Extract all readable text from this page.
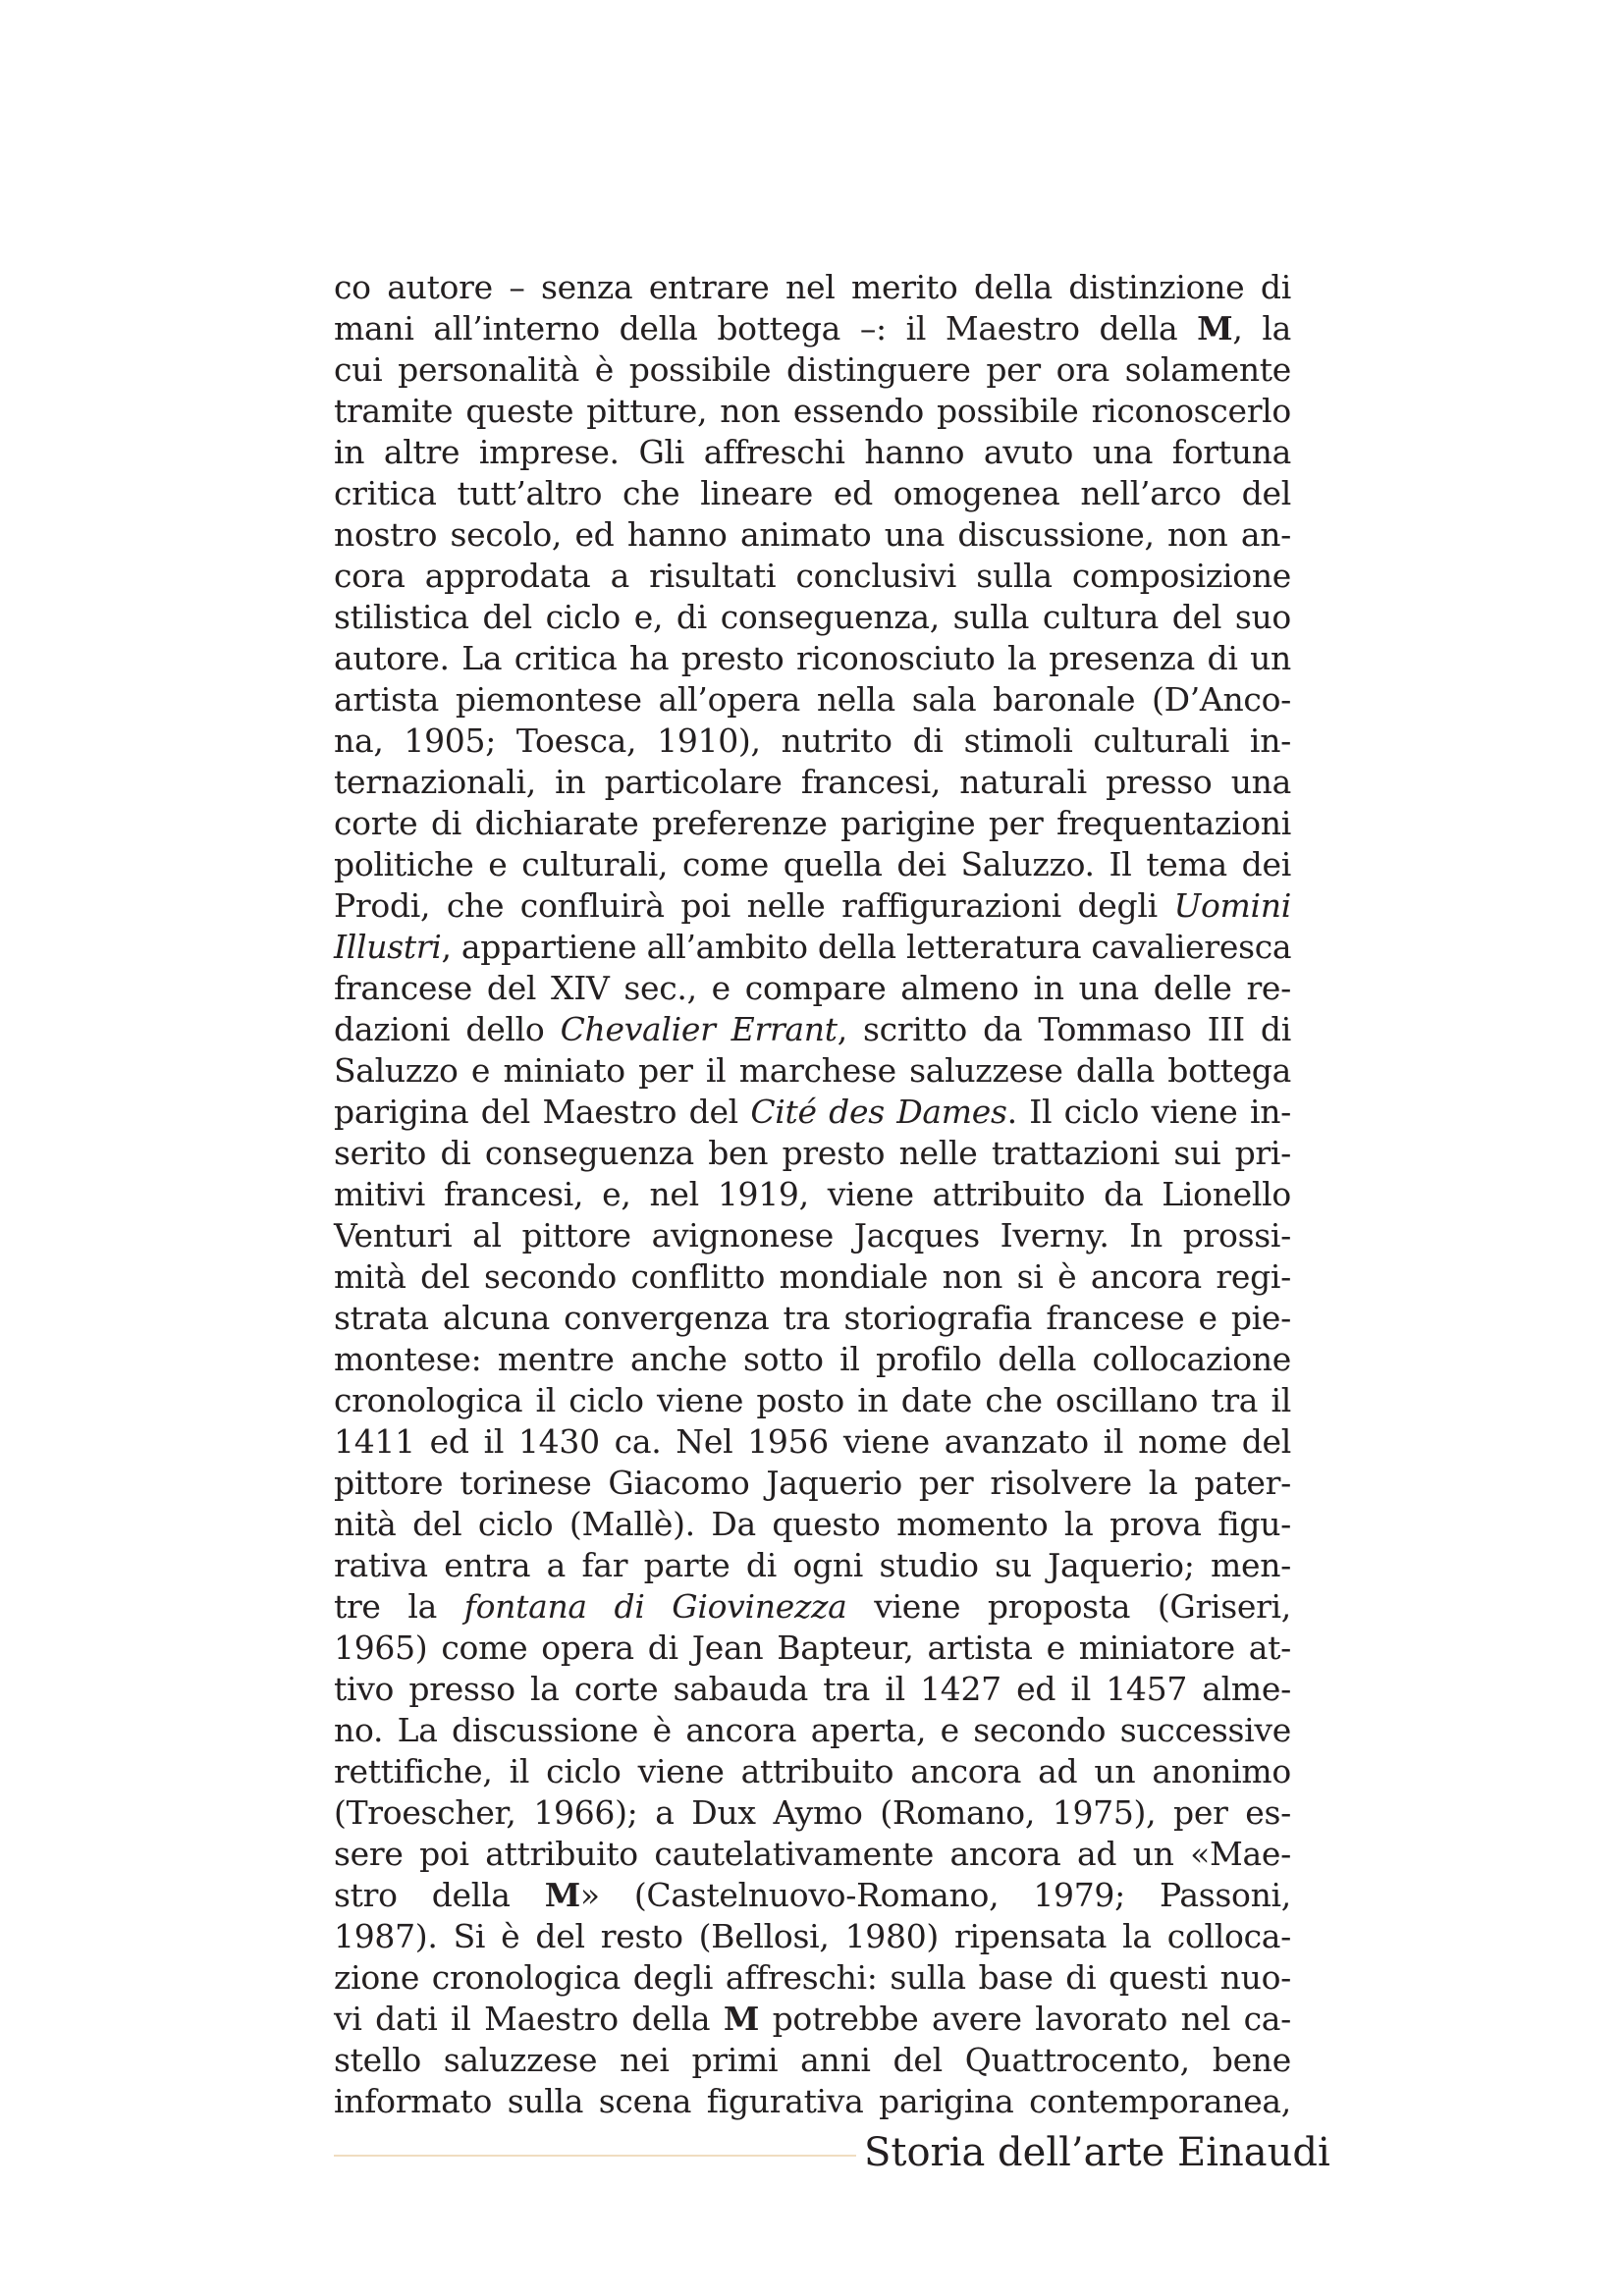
co autore – senza entrare nel merito della distinzione di
mani all’interno della bottega –: il Maestro della M, la
cui personalità è possibile distinguere per ora solamente
tramite queste pitture, non essendo possibile riconoscerlo
in altre imprese. Gli affreschi hanno avuto una fortuna
critica tutt’altro che lineare ed omogenea nell’arco del
nostro secolo, ed hanno animato una discussione, non an-
cora approdata a risultati conclusivi sulla composizione
stilistica del ciclo e, di conseguenza, sulla cultura del suo
autore. La critica ha presto riconosciuto la presenza di un
artista piemontese all’opera nella sala baronale (D’Anco-
na, 1905; Toesca, 1910), nutrito di stimoli culturali in-
ternazionali, in particolare francesi, naturali presso una
corte di dichiarate preferenze parigine per frequentazioni
politiche e culturali, come quella dei Saluzzo. Il tema dei
Prodi, che confluirà poi nelle raffigurazioni degli Uomini
Illustri, appartiene all’ambito della letteratura cavalieresca
francese del XIV sec., e compare almeno in una delle re-
dazioni dello Chevalier Errant, scritto da Tommaso III di
Saluzzo e miniato per il marchese saluzzese dalla bottega
parigina del Maestro del Cité des Dames. Il ciclo viene in-
serito di conseguenza ben presto nelle trattazioni sui pri-
mitivi francesi, e, nel 1919, viene attribuito da Lionello
Venturi al pittore avignonese Jacques Iverny. In prossi-
mità del secondo conflitto mondiale non si è ancora regi-
strata alcuna convergenza tra storiografia francese e pie-
montese: mentre anche sotto il profilo della collocazione
cronologica il ciclo viene posto in date che oscillano tra il
1411 ed il 1430 ca. Nel 1956 viene avanzato il nome del
pittore torinese Giacomo Jaquerio per risolvere la pater-
nità del ciclo (Mallè). Da questo momento la prova figu-
rativa entra a far parte di ogni studio su Jaquerio; men-
tre la fontana di Giovinezza viene proposta (Griseri,
1965) come opera di Jean Bapteur, artista e miniatore at-
tivo presso la corte sabauda tra il 1427 ed il 1457 alme-
no. La discussione è ancora aperta, e secondo successive
rettifiche, il ciclo viene attribuito ancora ad un anonimo
(Troescher, 1966); a Dux Aymo (Romano, 1975), per es-
sere poi attribuito cautelativamente ancora ad un «Mae-
stro della M» (Castelnuovo-Romano, 1979; Passoni,
1987). Si è del resto (Bellosi, 1980) ripensata la colloca-
zione cronologica degli affreschi: sulla base di questi nuo-
vi dati il Maestro della M potrebbe avere lavorato nel ca-
stello saluzzese nei primi anni del Quattrocento, bene
informato sulla scena figurativa parigina contemporanea,
Storia dell’arte Einaudi
